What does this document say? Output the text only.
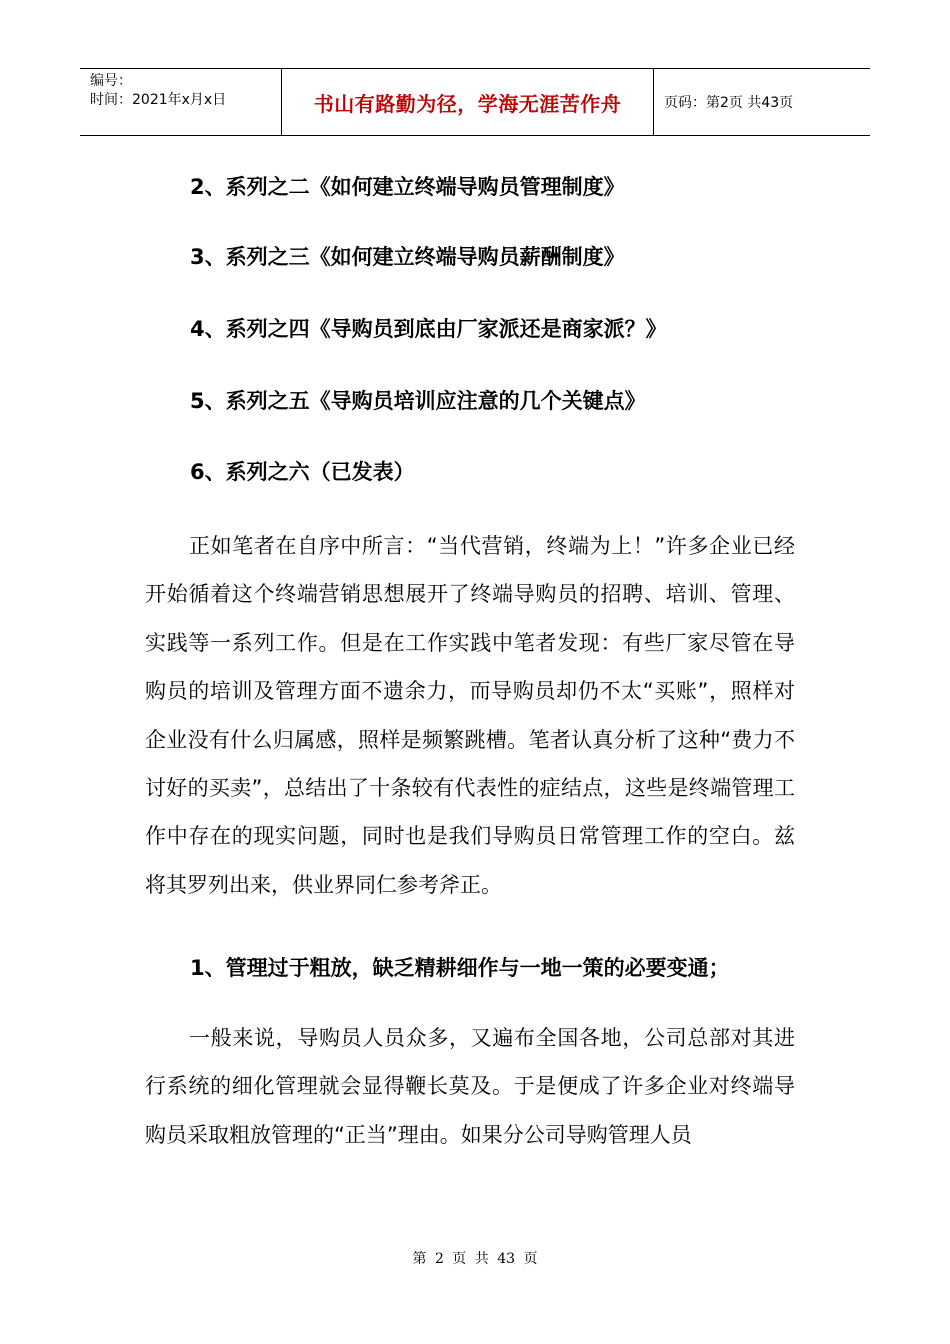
编号：
时间：2021年x月x日	书山有路勤为径，学海无涯苦作舟	页码：第2页 共43页
2、系列之二《如何建立终端导购员管理制度》
3、系列之三《如何建立终端导购员薪酬制度》
4、系列之四《导购员到底由厂家派还是商家派？》
5、系列之五《导购员培训应注意的几个关键点》
6、系列之六（已发表）
正如笔者在自序中所言：“当代营销，终端为上！”许多企业已经开始循着这个终端营销思想展开了终端导购员的招聘、培训、管理、实践等一系列工作。但是在工作实践中笔者发现：有些厂家尽管在导购员的培训及管理方面不遗余力，而导购员却仍不太“买账”，照样对企业没有什么归属感，照样是频繁跳槽。笔者认真分析了这种“费力不讨好的买卖”，总结出了十条较有代表性的症结点，这些是终端管理工作中存在的现实问题，同时也是我们导购员日常管理工作的空白。兹将其罗列出来，供业界同仁参考斧正。
1、管理过于粗放，缺乏精耕细作与一地一策的必要变通；
一般来说，导购员人员众多，又遍布全国各地，公司总部对其进行系统的细化管理就会显得鞭长莫及。于是便成了许多企业对终端导购员采取粗放管理的“正当”理由。如果分公司导购管理人员
第 2 页 共 43 页
